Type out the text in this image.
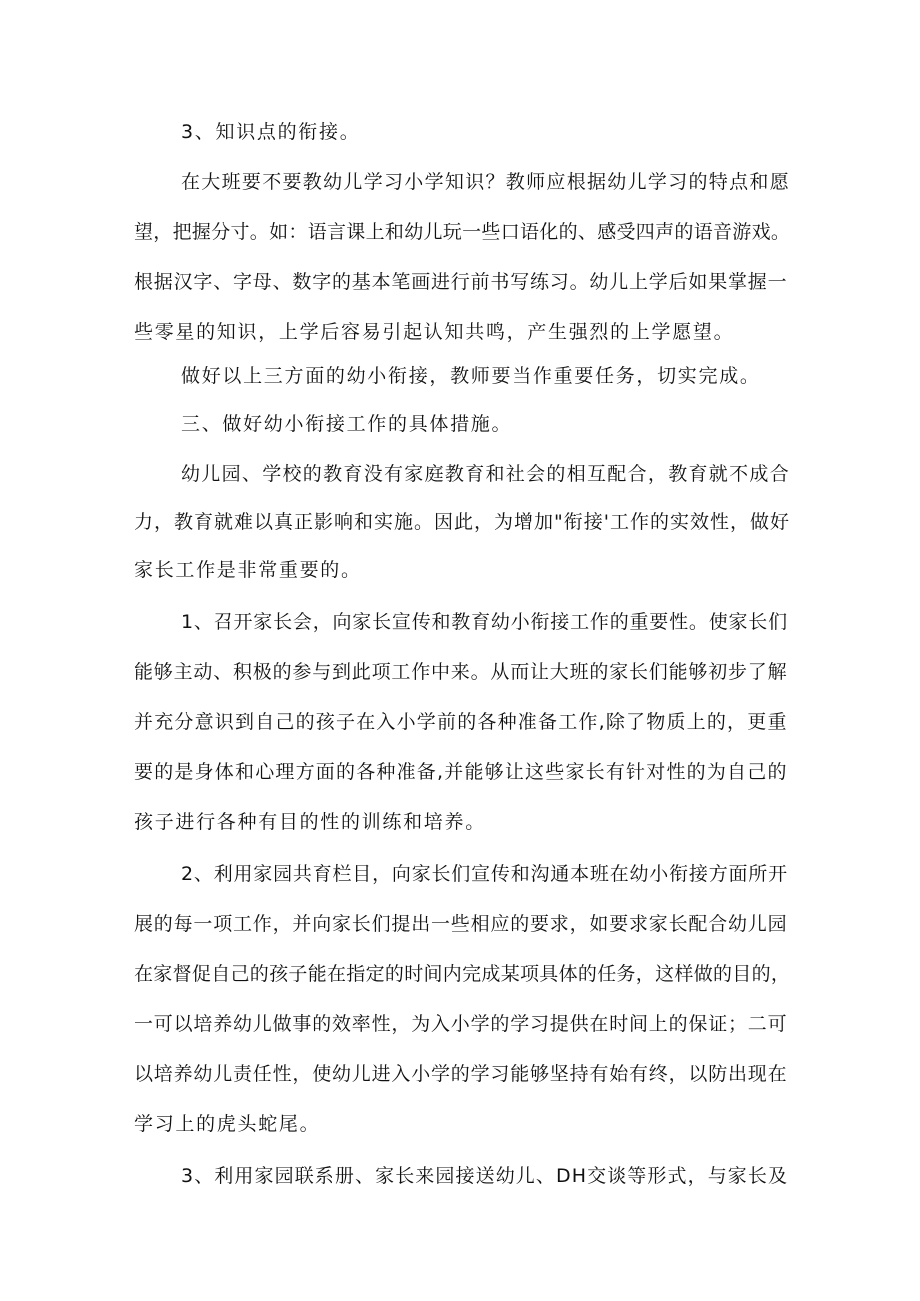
3、知识点的衔接。
在大班要不要教幼儿学习小学知识？教师应根据幼儿学习的特点和愿
望，把握分寸。如：语言课上和幼儿玩一些口语化的、感受四声的语音游戏。
根据汉字、字母、数字的基本笔画进行前书写练习。幼儿上学后如果掌握一
些零星的知识，上学后容易引起认知共鸣，产生强烈的上学愿望。
做好以上三方面的幼小衔接，教师要当作重要任务，切实完成。
三、做好幼小衔接工作的具体措施。
幼儿园、学校的教育没有家庭教育和社会的相互配合，教育就不成合
力，教育就难以真正影响和实施。因此，为增加"衔接'工作的实效性，做好
家长工作是非常重要的。
1、召开家长会，向家长宣传和教育幼小衔接工作的重要性。使家长们
能够主动、积极的参与到此项工作中来。从而让大班的家长们能够初步了解
并充分意识到自己的孩子在入小学前的各种准备工作,除了物质上的，更重
要的是身体和心理方面的各种准备,并能够让这些家长有针对性的为自己的
孩子进行各种有目的性的训练和培养。
2、利用家园共育栏目，向家长们宣传和沟通本班在幼小衔接方面所开
展的每一项工作，并向家长们提出一些相应的要求，如要求家长配合幼儿园
在家督促自己的孩子能在指定的时间内完成某项具体的任务，这样做的目的，
一可以培养幼儿做事的效率性，为入小学的学习提供在时间上的保证；二可
以培养幼儿责任性，使幼儿进入小学的学习能够坚持有始有终，以防出现在
学习上的虎头蛇尾。
3、利用家园联系册、家长来园接送幼儿、DH交谈等形式，与家长及
